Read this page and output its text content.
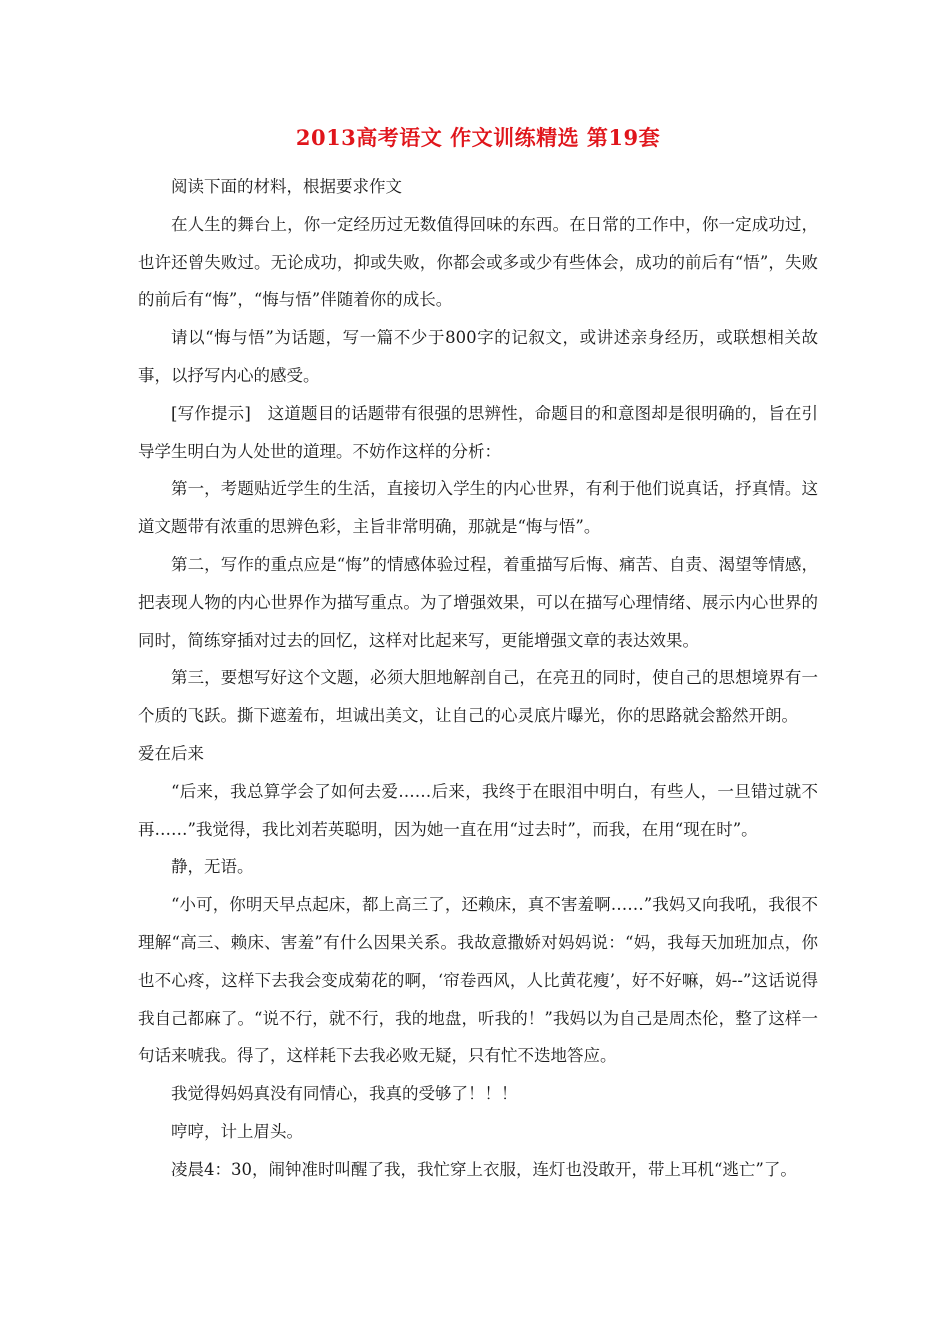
2013高考语文 作文训练精选 第19套

阅读下面的材料，根据要求作文

在人生的舞台上，你一定经历过无数值得回味的东西。在日常的工作中，你一定成功过，也许还曾失败过。无论成功，抑或失败，你都会或多或少有些体会，成功的前后有“悟”，失败的前后有“悔”，“悔与悟”伴随着你的成长。

请以“悔与悟”为话题，写一篇不少于800字的记叙文，或讲述亲身经历，或联想相关故事，以抒写内心的感受。

[写作提示]　这道题目的话题带有很强的思辨性，命题目的和意图却是很明确的，旨在引导学生明白为人处世的道理。不妨作这样的分析：

第一，考题贴近学生的生活，直接切入学生的内心世界，有利于他们说真话，抒真情。这道文题带有浓重的思辨色彩，主旨非常明确，那就是“悔与悟”。

第二，写作的重点应是“悔”的情感体验过程，着重描写后悔、痛苦、自责、渴望等情感，把表现人物的内心世界作为描写重点。为了增强效果，可以在描写心理情绪、展示内心世界的同时，简练穿插对过去的回忆，这样对比起来写，更能增强文章的表达效果。

第三，要想写好这个文题，必须大胆地解剖自己，在亮丑的同时，使自己的思想境界有一个质的飞跃。撕下遮羞布，坦诚出美文，让自己的心灵底片曝光，你的思路就会豁然开朗。

爱在后来

“后来，我总算学会了如何去爱……后来，我终于在眼泪中明白，有些人，一旦错过就不再……”我觉得，我比刘若英聪明，因为她一直在用“过去时”，而我，在用“现在时”。

静，无语。

“小可，你明天早点起床，都上高三了，还赖床，真不害羞啊……”我妈又向我吼，我很不理解“高三、赖床、害羞”有什么因果关系。我故意撒娇对妈妈说：“妈，我每天加班加点，你也不心疼，这样下去我会变成菊花的啊，‘帘卷西风，人比黄花瘦’，好不好嘛，妈--”这话说得我自己都麻了。“说不行，就不行，我的地盘，听我的！”我妈以为自己是周杰伦，整了这样一句话来唬我。得了，这样耗下去我必败无疑，只有忙不迭地答应。

我觉得妈妈真没有同情心，我真的受够了！！！

哼哼，计上眉头。

凌晨4：30，闹钟准时叫醒了我，我忙穿上衣服，连灯也没敢开，带上耳机“逃亡”了。
